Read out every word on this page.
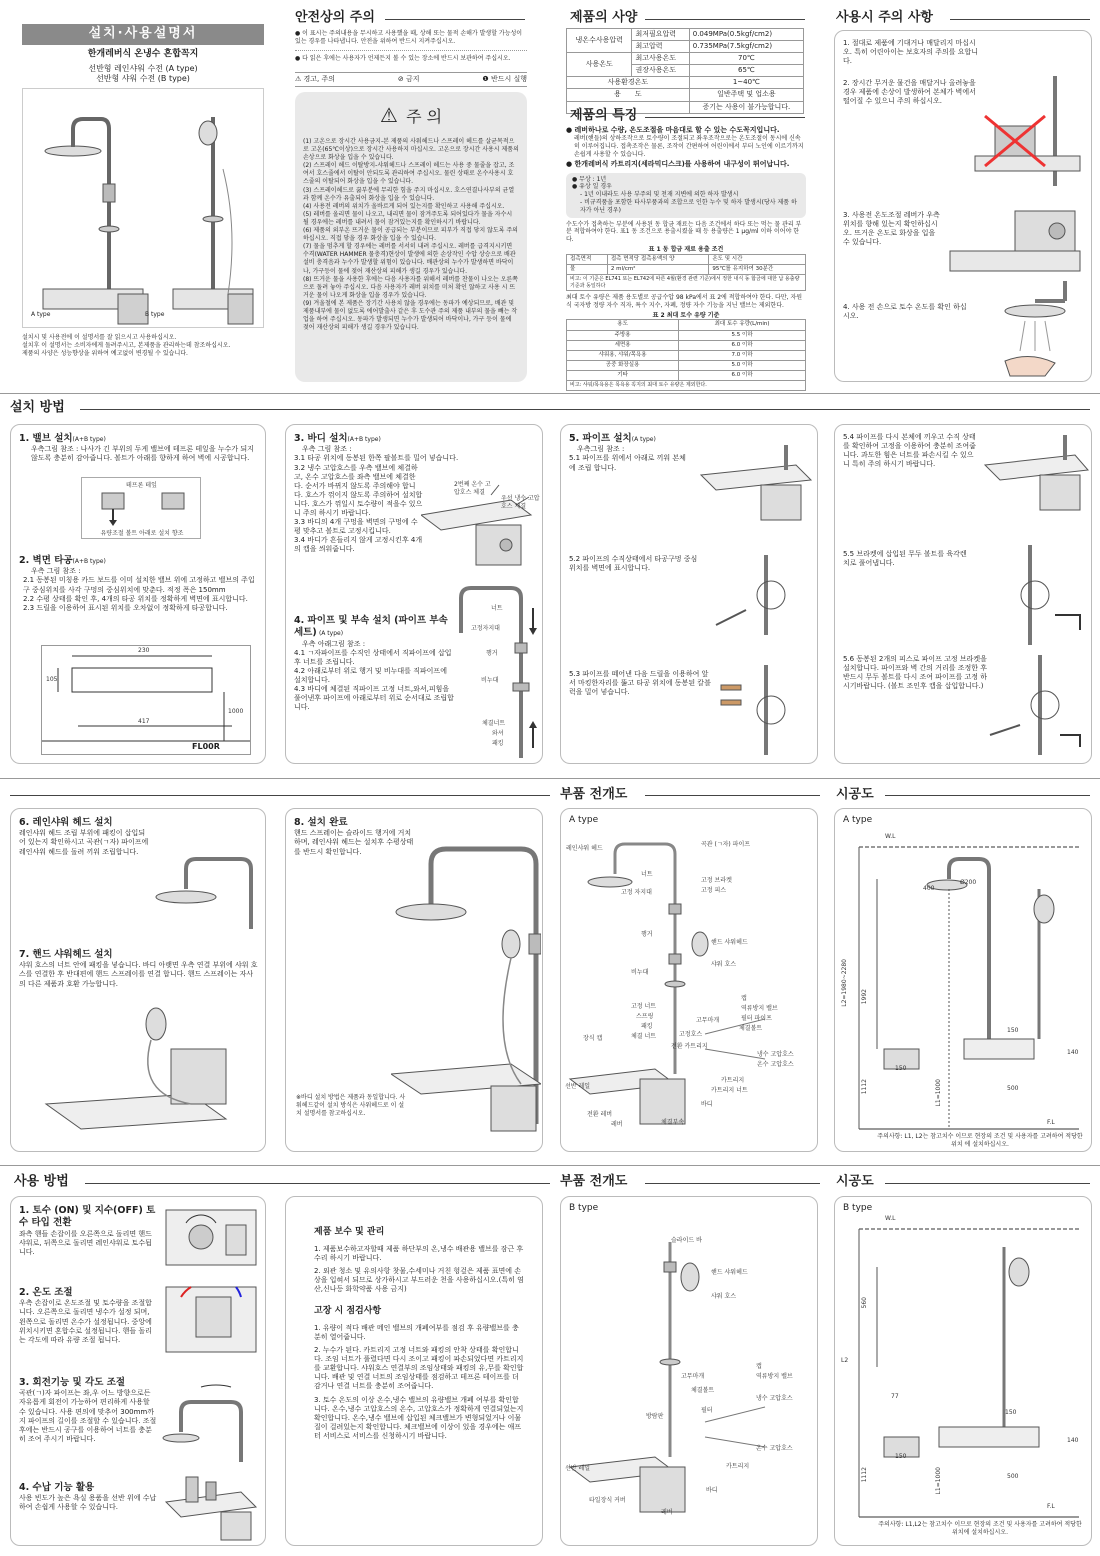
설치·사용설명서
한개레버식 온냉수 혼합꼭지
선반형 레인샤워 수전 (A type)
선반형 샤워 수전 (B type)
A type	B type
설치시 및 사용전에 이 설명서를 잘 읽으시고 사용하십시오.
설치후 이 설명서는 소비자에게 돌려주시고, 본제품을 관리하는데 참조하십시오.
제품의 사양은 성능향상을 위하여 예고없이 변경될 수 있습니다.
안전상의 주의
● 이 표시는 주의내용을 무시하고 사용했을 때, 상해 또는 물적 손해가 발생할 가능성이 있는 경우를 나타냅니다. 안전을 위하여 반드시 지켜주십시오.
● 다 읽은 후에는 사용자가 언제든지 볼 수 있는 장소에 반드시 보관하여 주십시오.
⚠ 경고, 주의	⊘ 금지	❶ 반드시 실행
⚠ 주 의
(1) 고온으로 장시간 사용금지-본 제품의 사워헤드나 스프레이 헤드를 살균목적으로 고온(65℃이상)으로 장시간 사용하지 마십시오. 고온으로 장시간 사용시 제품의 손상으로 화상을 입을 수 있습니다.
(2) 스프레이 헤드 이탈방지-샤워헤드나 스프레이 헤드는 사용 중 물줄을 잡고, 조여서 호스줄에서 이탈이 안되도록 관리하여 주십시오. 물린 상태로 온수사용시 호스줄의 이탈되어 화상을 입을 수 있습니다.
(3) 스프레이헤드로 끓부분에 무리한 힘을 주지 마십시오. 호스연결나사부의 균열과 함께 온수가 유출되어 화상을 입을 수 있습니다.
(4) 사용전 레버의 위치가 올바르게 되어 있는지를 확인하고 사용해 주십시오.
(5) 레버를 올리면 물이 나오고, 내리면 물이 잠겨주도록 되어있다가 물을 자수시 될 경우에는 레버를 내려서 물이 잠겨있는지를 확인하시기 바랍니다.
(6) 제품의 외부온 뜨거운 물이 공급되는 부분이므로 피부가 직접 닿지 않도록 주의 하십시오. 직접 닿을 경우 화상을 입을 수 있습니다.
(7) 물을 멈추게 할 경우에는 레버를 서서히 내려 주십시오. 레버를 급격지시키면 수격(WATER HAMMER 물충격)현상이 발생에 의한 손상작인 수압 상승으로 배관설비 충격음과 누수가 발생할 위험이 있습니다. 배관상의 누수가 발생하면 바닥이나, 가구등이 물에 젖어 재산상의 피해가 생길 경우가 있습니다.
(8) 뜨거운 물을 사용한 후에는 다음 사용자를 위해서 레버를 찬물이 나오는 오른쪽으로 돌려 놓아 주십시오. 다음 사용자가 레버 위치를 미처 확인 않하고 사용 시 뜨거운 물이 나오게 화상을 입을 경우가 있습니다.
(9) 겨울철에 본 제품은 장기간 사용치 않을 경우에는 동파가 예상되므로, 배관 및 제품내부에 물이 없도록 에어발출사 같은 후 도수관 주의 제품 내부의 물을 빼는 작업을 하여 주십시오. 동파가 발생되면 누수가 발생되어 바닥이나, 가구 등이 물에 젖어 재산상의 피해가 생길 경우가 있습니다.
제품의 사양
냉온수사용압력	최저필요압력	0.049MPa(0.5kgf/cm2)
	최고압력	0.735MPa(7.5kgf/cm2)
사용온도	최고사용온도	70℃
	권장사용온도	65℃
사용환경온도		1~40℃
용　　도		일반주택 및 업소용
		증기는 사용이 불가능합니다.
제품의 특징
● 레버하나로 수량, 온도조절을 마음대로 할 수 있는 수도꼭지입니다.
레버(핸들)의 상하조작으로 토수량이 조절되고 좌우조작으로는 온도조절이 동시에 신속히 이루어집니다. 접촉조작은 물론, 조작이 간편하여 어린이에서 부터 노인에 이르기까지 손쉽게 사용할 수 있습니다.
● 한개레버식 카트리지(세라믹디스크)를 사용하여 내구성이 뛰어납니다.
● 무상 : 1년
● 유상 일 경우
- 1년 이내라도 사용 부주의 및 천재 지변에 의한 하자 발생시
- 비규격품을 포함한 타사부품과의 조합으로 인한 누수 및 하자 발생시(당사 제품 하자가 아닌 경우)
수도수가 접촉하는 부분에 사용된 동 합금 재료는 다음 조건에서 하다 또는 먹는 물 관리 부분 적합하여야 한다. 표1 동 조건으로 용출시켰을 때 등 용출량은 1 μg/ml 이하 이어야 한다.
표 1 동 합금 재료 용출 조건
접촉면적	접촉 면적당 접촉용액의 양	온도 및 시간
물	2 ml/cm²	95℃를 유지하여 30분간
비고: 이 기준은 EL741 또는 EL742에 따른 4월(환경 관련 기준)에서 정한 내식 동 합금에 대한 납 용출량 기준과 동일하다		
최대 토수 유량은 제품 용도별로 공급수압 98 kPa에서 표 2에 적합하여야 한다. 다만, 자원식 국자방 정량 자수 직자, 특수 지수, 자폐, 정량 자수 기능을 지닌 밸브는 제외한다.
표 2 최대 토수 유량 기준
용도	최대 토수 유량(L/min)
주방용	5.5 이하
세면용	6.0 이하
샤워용, 샤워/목욕용	7.0 이하
공중 화장실용	5.0 이하
기타	6.0 이하
비고: 샤워/목욕용은 목욕용 꼭지의 최대 토수 유량은 제외한다.	
사용시 주의 사항
1. 절대로 제품에 기대거나 매달리지 마십시오. 특히 어린아이는 보호자의 주의를 요합니다.
2. 장시간 무거운 물건을 매달거나 올려놓을 경우 제품에 손상이 발생하여 본체가 벽에서 떨어질 수 있으니 주의 하십시오.
3. 사용전 온도조절 레버가 우측 위치를 향해 있는지 확인하십시오. 뜨거운 온도로 화상을 입을 수 있습니다.
4. 사용 전 손으로 토수 온도를 확인 하십시오.
설치 방법
1. 밸브 설치(A+B type)
우측그림 참조 : 나사가 긴 부위의 두게 밸브에 테프론 테잎을 누수가 되지 않도록 충분히 감아줍니다. 볼트가 아래를 향하게 하여 벽에 시공합니다.
테프론 테잎
유량조절 볼트 아래로 설치 향조
2. 벽면 타공(A+B type)
우측 그림 참조 :
2.1 동봉된 미칭용 카드 보드를 이미 설치한 밸브 위에 고정하고 밸브의 주입구 중심위치를 사각 구멍의 중심위치에 맞춘다. 적정 폭은 150mm
2.2 수평 상태를 확인 후, 4개의 타공 위치를 정확하게 벽면에 표시합니다.
2.3 드릴을 이용하여 표시된 위치를 오차없이 정확하게 타공합니다.
230
105
417
1000
FL00R
3. 바디 설치(A+B type)
우측 그림 참조 :
3.1 타공 위치에 동봉된 한쪽 팔볼트를 밀어 넣습니다.
3.2 냉수 고압호스를 우측 밸브에 체결하고, 온수 고압호스를 좌측 밸브에 체결한다. 순서가 바뀌지 않도록 주의해야 합니다. 호스가 꺾이지 않도록 주의하여 설치합니다. 호스가 꺾일시 토수량이 적을수 있으니 주의 하시기 바랍니다.
3.3 바디의 4개 구멍을 벽면의 구멍에 수평 맞추고 볼트로 고정시킵니다.
3.4 바디가 흔들리지 않게 고정시킨후 4개의 캡을 씌워줍니다.
2번째 온수 고압호스 체결
우선 냉수 고압호스 체결
4. 파이프 및 부속 설치 (파이프 부속세트) (A type)
우측 아래그림 참조 :
4.1 ㄱ자파이프를 수직인 상태에서 직파이프에 삽입후 너트를 조립니다.
4.2 아래로부터 위로 행거 및 비누대를 직파이프에 설치합니다.
4.3 바디에 체결된 직파이프 고정 너트,와셔,피힘을 풀어낸후 파이프에 아래로부터 위로 순서대로 조립합니다.
너트
고정자지대
행거
비누대
체결너트
와셔
패킹
5. 파이프 설치(A type)
우측그림 참조 :
5.1 파이프를 위에서 아래로 끼워 본체에 조립 합니다.
5.2 파이프의 수직상태에서 타공구멍 중심 위치를 벽면에 표시합니다.
5.3 파이프를 떼어낸 다음 드릴을 이용하여 앞서 마킹한자리를 뚫고 타공 위치에 동봉된 칼블럭을 밀어 넣습니다.
5.4 파이프를 다시 본체에 끼우고 수직 상태를 확인하여 고정을 이용하여 충분히 조여줍니다. 과도한 힘은 너트를 파손시킬 수 있으니 특히 주의 하시기 바랍니다.
5.5 브라켓에 삽입된 무두 볼트를 육각렌치로 풀어냅니다.
5.6 동봉된 2개의 피스로 파이프 고정 브라켓을 설치합니다. 파이프와 벽 간의 거리를 조정한 후 반드시 무두 볼트를 다시 조여 파이프를 고정 하시기바랍니다. (볼트 조인후 캡을 삽입합니다.)
부품 전개도	시공도
6. 레인샤워 헤드 설치
레인샤워 헤드 조립 부위에 패킹이 삽입되어 있는지 확인하시고 곡관(ㄱ자) 파이프에 레인샤워 헤드를 돌려 끼워 조립합니다.
7. 핸드 샤워헤드 설치
샤워 호스의 너트 안에 패킹을 넣습니다. 바디 아랫면 우측 연결 부위에 샤워 호스를 연결한 후 반대편에 핸드 스프레이를 연결 합니다. 핸드 스프레이는 자사의 다른 제품과 호환 가능합니다.
8. 설치 완료
핸드 스프레이는 슬라이드 행거에 거치하며, 레인샤워 헤드는 설치후 수평상태를 반드시 확인합니다.
※바디 설치 방법은 제품과 동일합니다. 사워헤드같이 설치 방식은 사워헤드로 이 설치 설명서를 참고하십시오.
A type
레인샤워 헤드
곡관 (ㄱ자) 파이프
너트
고정 브라켓
고정 피스
고정 자지대
행거
핸드 샤워헤드
비누대
샤워 호스
캡
역류방지 밸브
고정 너트
필터 파이프
스프링
고무마개
패킹	체결볼트
장식 캡
고정호스
체결 너트
전환 카트리지
냉수 고압호스
선반 레일
온수 고압호스
전환 레버
카트리지
체결부속
레버
카트리지 너트
바디
A type
W.L
Ø200
400
L2=1980~2280 1992
150
140
500
1112	L1=1000
150
F.L
주의사항: L1, L2는 참고치수 이므로 현장의 조건 및 사용자를 고려하여 적당한 위치 에 설치하십시오.
사용 방법	부품 전개도	시공도
1. 토수 (ON) 및 지수(OFF) 토수 타입 전환
좌측 핸들 손잡이를 오른쪽으로 돌리면 핸드샤워로, 뒤쪽으로 돌리면 레인샤워로 토수됩니다.
2. 온도 조절
우측 손잡이로 온도조절 및 토수량을 조절합니다. 오른쪽으로 돌리면 냉수가 설정 되며, 왼쪽으로 돌리면 온수가 설정됩니다. 중앙에 위치시키면 혼합수로 설정됩니다. 핸들 돌리는 각도에 따라 유량 조절 됩니다.
3. 회전기능 및 각도 조절
곡관(ㄱ)자 파이프는 좌,우 어느 방향으로든 자유롭게 회전이 가능하여 편리하게 사용할 수 있습니다. 사용 편의에 맞추어 300mm까지 파이프의 길이를 조절할 수 있습니다. 조절 후에는 반드시 공구를 이용하여 너트를 충분히 조여 주시기 바랍니다.
4. 수납 기능 활용
사용 빈도가 높은 욕실 용품을 선반 위에 수납하여 손쉽게 사용할 수 있습니다.
제품 보수 및 관리
1. 제품보수하고자할때 제품 하단부의 온,냉수 배관용 밸브를 잠근 후 수리 하시기 바랍니다.
2. 외관 청소 및 유의사항 찻물,수세미나 거친 헝겊은 제품 표면에 손상을 입혀서 되므로 상가하시고 부드러운 천을 사용하십시오.(특히 염산,신나등 화학약품 사용 금지)
고장 시 점검사항
1. 유량이 적다 배관 메인 밸브의 개폐여부를 점검 후 유량밸브를 충분히 열어줍니다.
2. 누수가 된다. 카트리지 고정 너트와 패킹의 안착 상태를 확인합니다. 조임 너트가 풀렸다면 다시 조이고 패킹이 파손되었다면 카트리지를 교환합니다. 샤워호스 연결부의 조임상태와 패킹의 유,무를 확인합니다. 배관 및 연결 너트의 조임상태를 점검하고 테프론 테이프를 더감거나 연결 너트를 충분히 조여줍니다.
3. 토수 온도의 이상 온수,냉수 밸브의 유량밸브 개폐 여부를 확인합니다. 온수,냉수 고압호스의 온수, 고압호스가 정확하게 연결되었는지 확인합니다. 온수,냉수 밸브에 삽입된 체크밸브가 변형되었거나 이물질이 걸려있는지 확인합니다. 체크밸브에 이상이 있을 경우에는 애프터 서비스로 서비스를 신청하시기 바랍니다.
B type
슬라이드 바
핸드 샤워헤드
샤워 호스
고무마개
캡
역류방지 밸브
체결볼트
필터
냉수 고압호스
온수 고압호스
방람판
선반 레일	카트리지
타일장식 커버
레버
바디
B type
W.L
560
L2
77
150
140
500
1112	L1=1000
150
F.L
주의사항: L1,L2는 참고치수 이므로 현장의 조건 및 사용자를 고려하여 적당한 위치에 설치하십시오.
